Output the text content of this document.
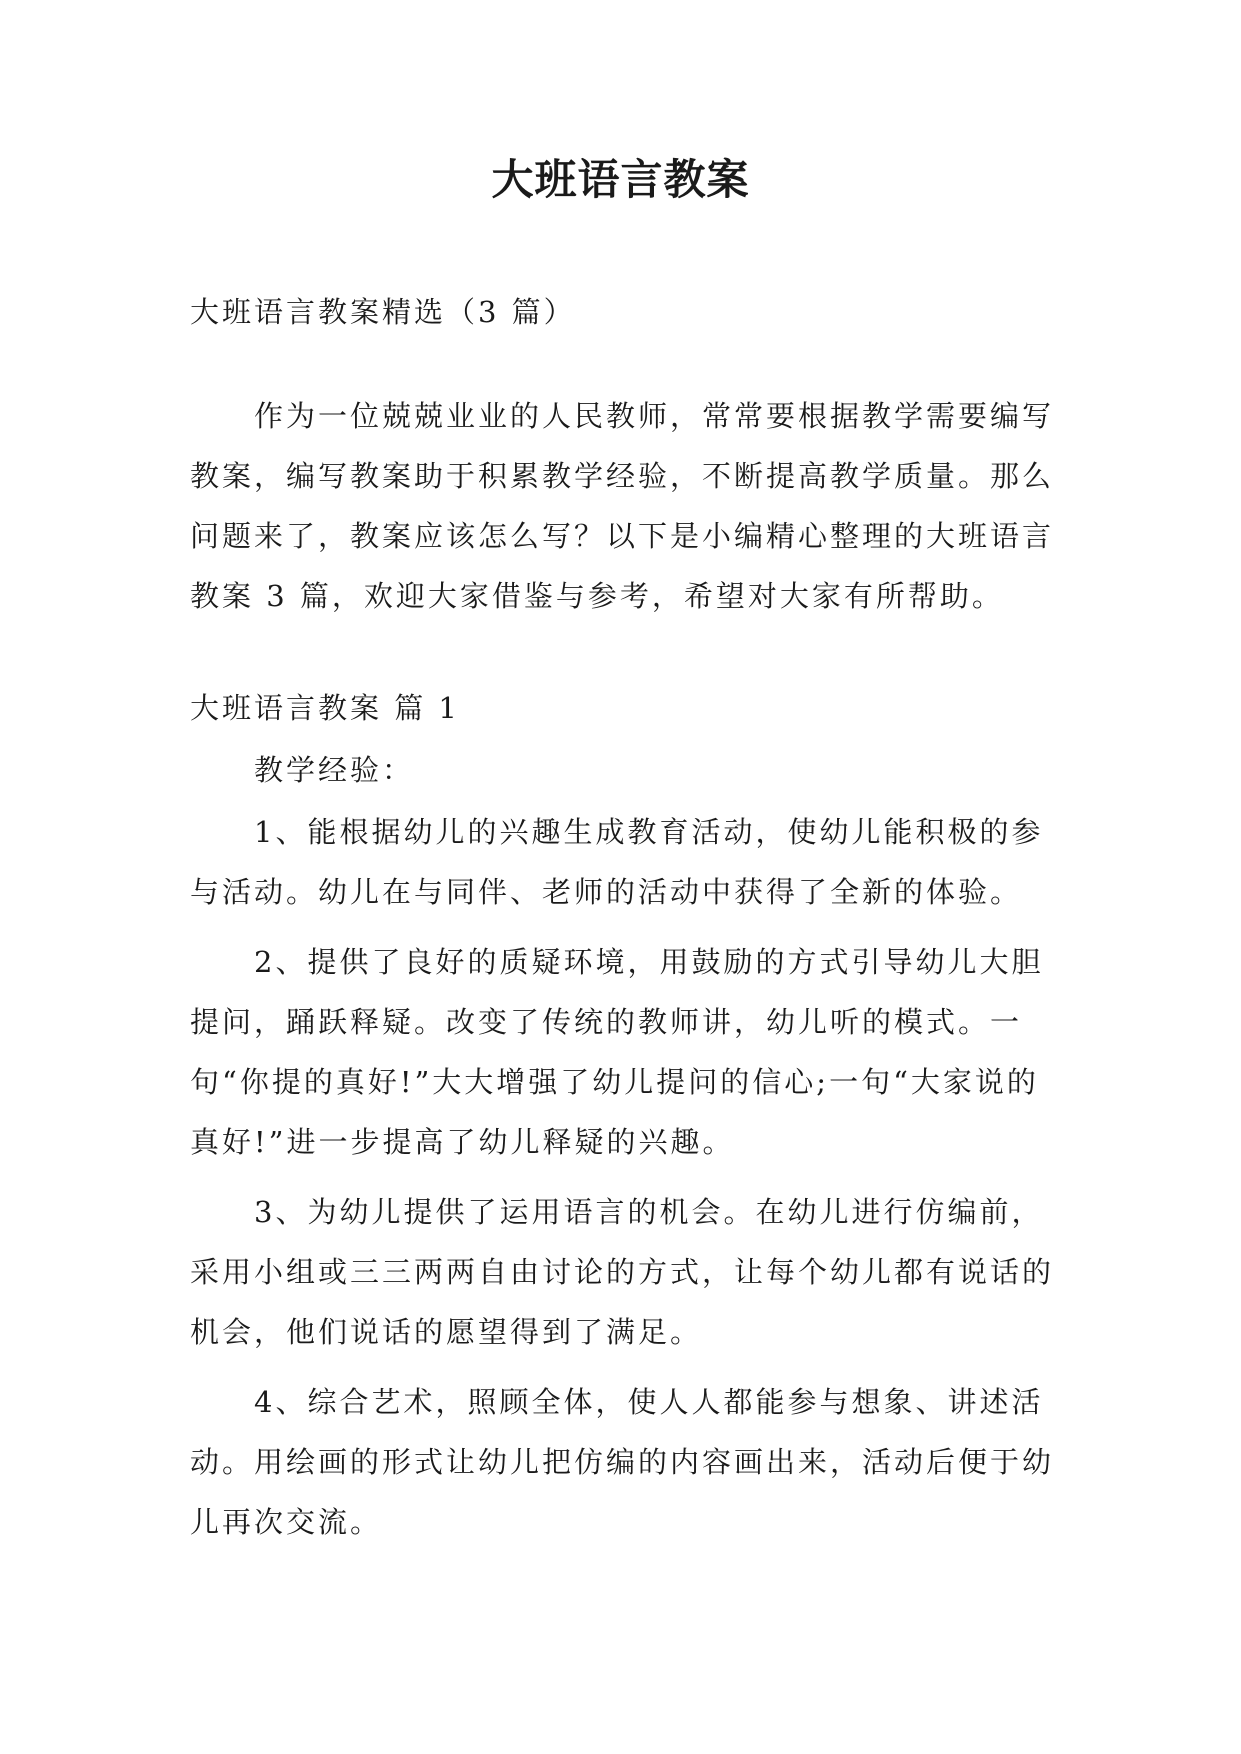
大班语言教案

大班语言教案精选（3 篇）

作为一位兢兢业业的人民教师，常常要根据教学需要编写教案，编写教案助于积累教学经验，不断提高教学质量。那么问题来了，教案应该怎么写？以下是小编精心整理的大班语言教案 3 篇，欢迎大家借鉴与参考，希望对大家有所帮助。

大班语言教案 篇 1

教学经验：

1、能根据幼儿的兴趣生成教育活动，使幼儿能积极的参与活动。幼儿在与同伴、老师的活动中获得了全新的体验。

2、提供了良好的质疑环境，用鼓励的方式引导幼儿大胆提问，踊跃释疑。改变了传统的教师讲，幼儿听的模式。一句“你提的真好!”大大增强了幼儿提问的信心;一句“大家说的真好!”进一步提高了幼儿释疑的兴趣。

3、为幼儿提供了运用语言的机会。在幼儿进行仿编前，采用小组或三三两两自由讨论的方式，让每个幼儿都有说话的机会，他们说话的愿望得到了满足。

4、综合艺术，照顾全体，使人人都能参与想象、讲述活动。用绘画的形式让幼儿把仿编的内容画出来，活动后便于幼儿再次交流。
